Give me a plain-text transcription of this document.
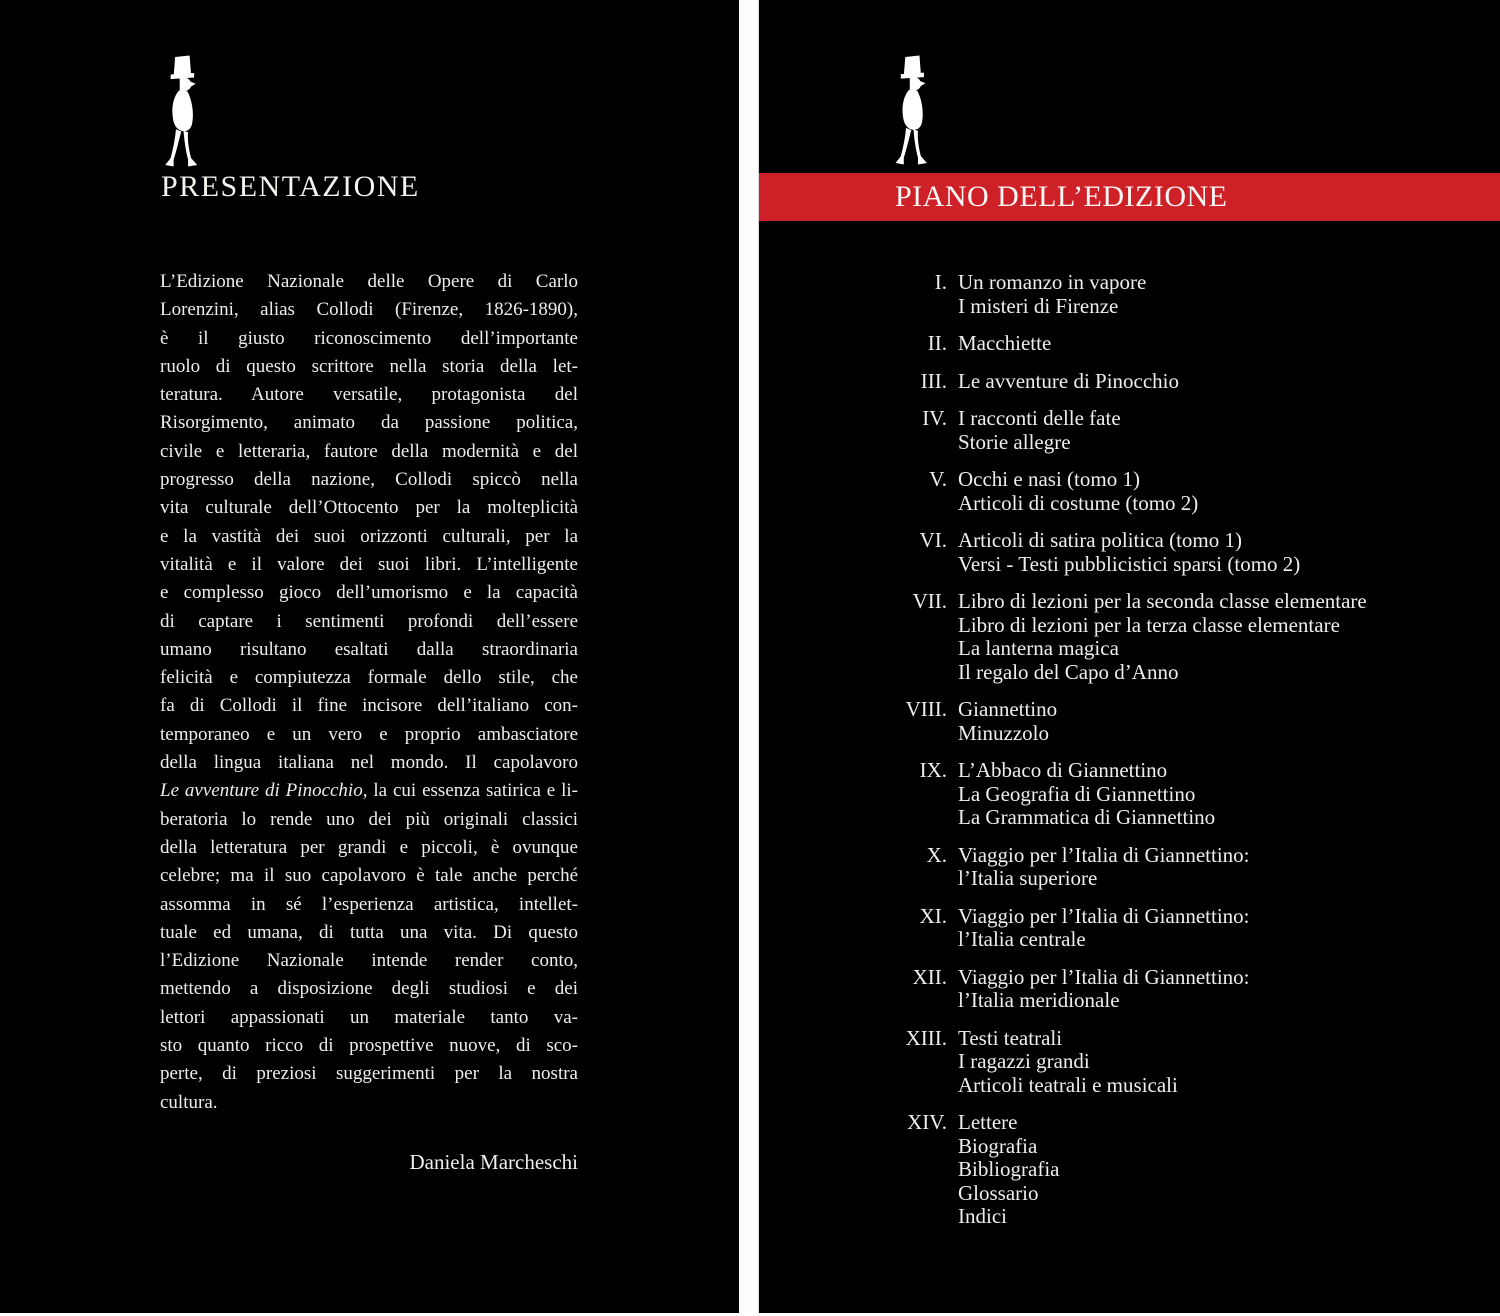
PRESENTAZIONE
L’Edizione Nazionale delle Opere di Carlo
Lorenzini, alias Collodi (Firenze, 1826-1890),
è il giusto riconoscimento dell’importante
ruolo di questo scrittore nella storia della let-
teratura. Autore versatile, protagonista del
Risorgimento, animato da passione politica,
civile e letteraria, fautore della modernità e del
progresso della nazione, Collodi spiccò nella
vita culturale dell’Ottocento per la molteplicità
e la vastità dei suoi orizzonti culturali, per la
vitalità e il valore dei suoi libri. L’intelligente
e complesso gioco dell’umorismo e la capacità
di captare i sentimenti profondi dell’essere
umano risultano esaltati dalla straordinaria
felicità e compiutezza formale dello stile, che
fa di Collodi il fine incisore dell’italiano con-
temporaneo e un vero e proprio ambasciatore
della lingua italiana nel mondo. Il capolavoro
Le avventure di Pinocchio, la cui essenza satirica e li-
beratoria lo rende uno dei più originali classici
della letteratura per grandi e piccoli, è ovunque
celebre; ma il suo capolavoro è tale anche perché
assomma in sé l’esperienza artistica, intellet-
tuale ed umana, di tutta una vita. Di questo
l’Edizione Nazionale intende render conto,
mettendo a disposizione degli studiosi e dei
lettori appassionati un materiale tanto va-
sto quanto ricco di prospettive nuove, di sco-
perte, di preziosi suggerimenti per la nostra
cultura.
Daniela Marcheschi
PIANO DELL’EDIZIONE
I. Un romanzo in vapore
I misteri di Firenze
II. Macchiette
III. Le avventure di Pinocchio
IV. I racconti delle fate
Storie allegre
V. Occhi e nasi (tomo 1)
Articoli di costume (tomo 2)
VI. Articoli di satira politica (tomo 1)
Versi - Testi pubblicistici sparsi (tomo 2)
VII. Libro di lezioni per la seconda classe elementare
Libro di lezioni per la terza classe elementare
La lanterna magica
Il regalo del Capo d’Anno
VIII. Giannettino
Minuzzolo
IX. L’Abbaco di Giannettino
La Geografia di Giannettino
La Grammatica di Giannettino
X. Viaggio per l’Italia di Giannettino:
l’Italia superiore
XI. Viaggio per l’Italia di Giannettino:
l’Italia centrale
XII. Viaggio per l’Italia di Giannettino:
l’Italia meridionale
XIII. Testi teatrali
I ragazzi grandi
Articoli teatrali e musicali
XIV. Lettere
Biografia
Bibliografia
Glossario
Indici
